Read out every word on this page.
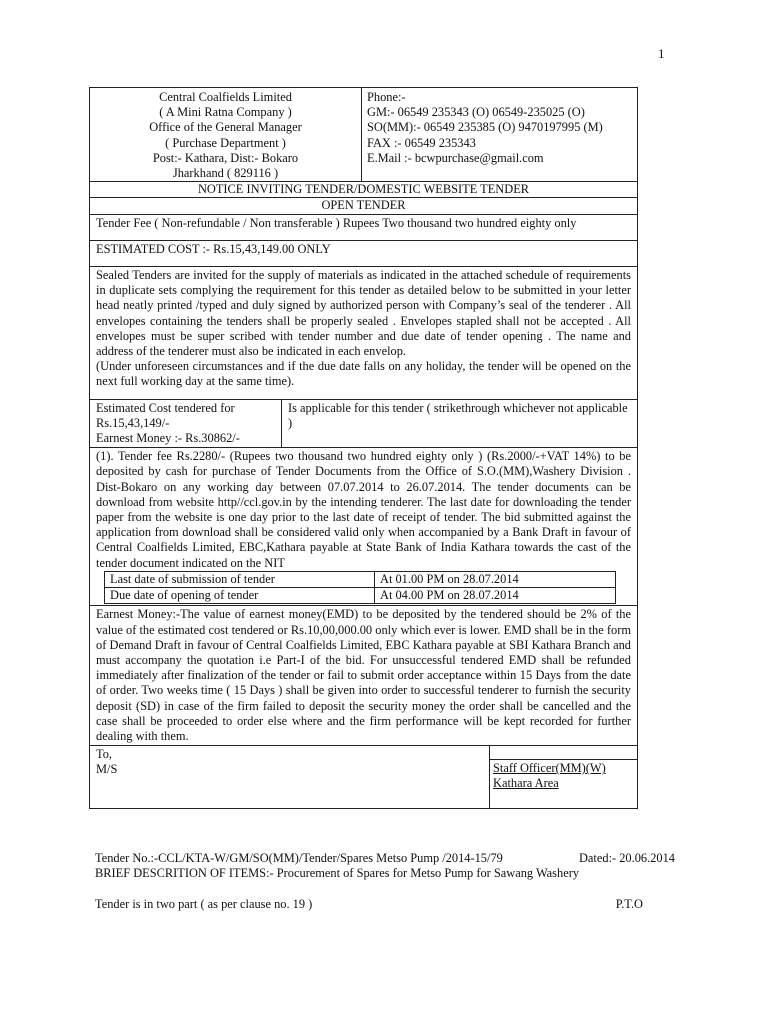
1
Central Coalfields Limited
( A Mini Ratna Company )
Office of the General Manager
( Purchase Department )
Post:- Kathara, Dist:- Bokaro
Jharkhand ( 829116 )
Phone:-
GM:- 06549 235343 (O) 06549-235025 (O)
SO(MM):- 06549 235385 (O) 9470197995 (M)
FAX :- 06549 235343
E.Mail :- bcwpurchase@gmail.com
NOTICE INVITING TENDER/DOMESTIC WEBSITE TENDER
OPEN TENDER
Tender Fee ( Non-refundable / Non transferable ) Rupees Two thousand two hundred eighty only
ESTIMATED COST :- Rs.15,43,149.00 ONLY
Sealed Tenders are invited for the supply of materials as indicated in the attached schedule of requirements in duplicate sets complying the requirement for this tender as detailed below to be submitted in your letter head neatly printed /typed and duly signed by authorized person with Company’s seal of the tenderer . All envelopes containing the tenders shall be properly sealed . Envelopes stapled shall not be accepted . All envelopes must be super scribed with tender number and due date of tender opening . The name and address of the tenderer must also be indicated in each envelop.
(Under unforeseen circumstances and if the due date falls on any holiday, the tender will be opened on the next full working day at the same time).
Estimated Cost tendered for
Rs.15,43,149/-
Earnest Money :- Rs.30862/-
Is applicable for this tender ( strikethrough whichever not applicable )
(1). Tender fee Rs.2280/- (Rupees two thousand two hundred eighty only ) (Rs.2000/-+VAT 14%) to be deposited by cash for purchase of Tender Documents from the Office of S.O.(MM),Washery Division . Dist-Bokaro on any working day between 07.07.2014 to 26.07.2014. The tender documents can be download from website http//ccl.gov.in by the intending tenderer. The last date for downloading the tender paper from the website is one day prior to the last date of receipt of tender. The bid submitted against the application from download shall be considered valid only when accompanied by a Bank Draft in favour of Central Coalfields Limited, EBC,Kathara payable at State Bank of India Kathara towards the cast of the tender document indicated on the NIT
Last date of submission of tender	At 01.00 PM on 28.07.2014
Due date of opening of tender	At 04.00 PM on 28.07.2014
Earnest Money:-The value of earnest money(EMD) to be deposited by the tendered should be 2% of the value of the estimated cost tendered or Rs.10,00,000.00 only which ever is lower. EMD shall be in the form of Demand Draft in favour of Central Coalfields Limited, EBC Kathara payable at SBI Kathara Branch and must accompany the quotation i.e Part-I of the bid. For unsuccessful tendered EMD shall be refunded immediately after finalization of the tender or fail to submit order acceptance within 15 Days from the date of order. Two weeks time ( 15 Days ) shall be given into order to successful tenderer to furnish the security deposit (SD) in case of the firm failed to deposit the security money the order shall be cancelled and the case shall be proceeded to order else where and the firm performance will be kept recorded for further dealing with them.
To,
M/S	Staff Officer(MM)(W)
Kathara Area
Tender No.:-CCL/KTA-W/GM/SO(MM)/Tender/Spares Metso Pump /2014-15/79	Dated:- 20.06.2014
BRIEF DESCRITION OF ITEMS:- Procurement of Spares for Metso Pump for Sawang Washery
Tender is in two part ( as per clause no. 19 )	P.T.O
